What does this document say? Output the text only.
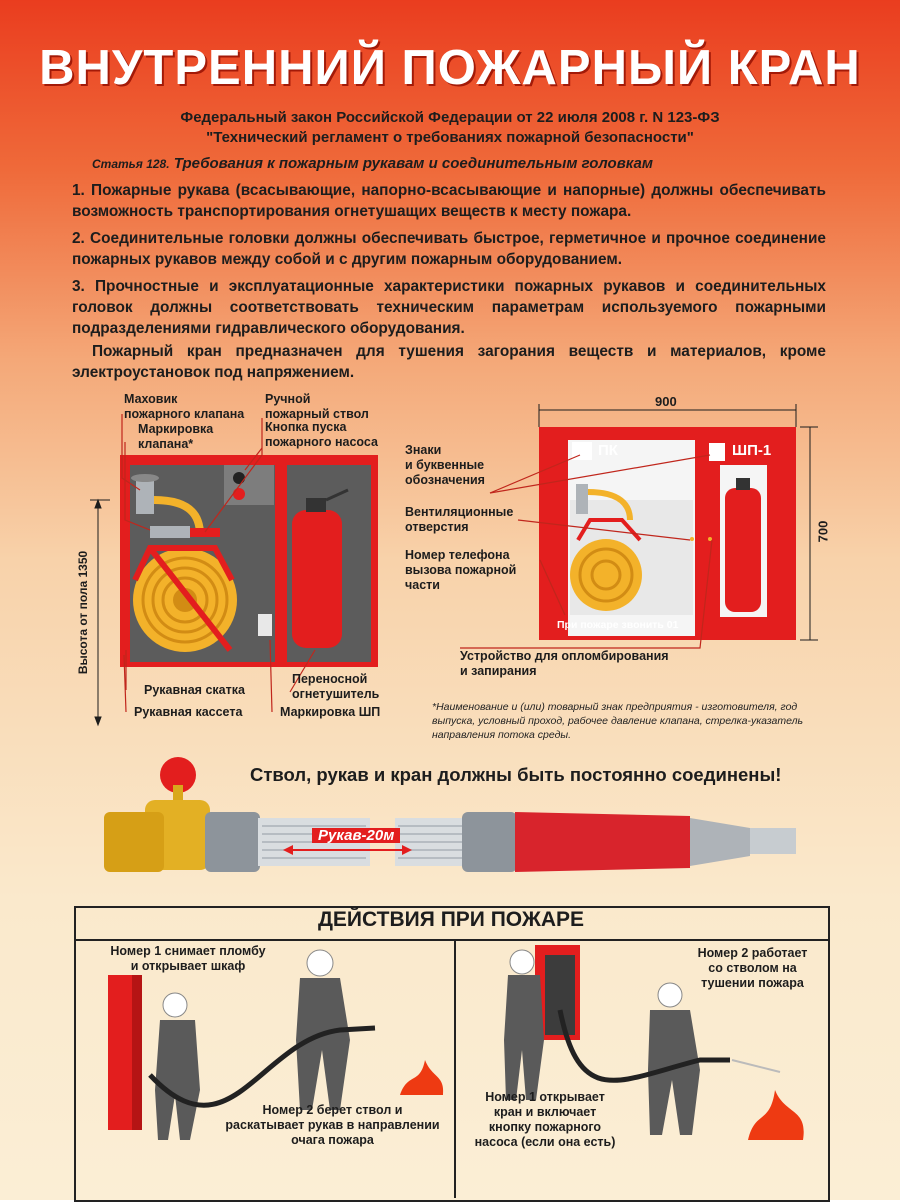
ВНУТРЕННИЙ ПОЖАРНЫЙ КРАН
Федеральный закон Российской Федерации от 22 июля 2008 г. N 123-ФЗ
"Технический регламент о требованиях пожарной безопасности"
Статья 128. Требования к пожарным рукавам и соединительным головкам
1. Пожарные рукава (всасывающие, напорно-всасывающие и напорные) должны обеспечивать возможность транспортирования огнетушащих веществ к месту пожара.
2. Соединительные головки должны обеспечивать быстрое, герметичное и прочное соединение пожарных рукавов между собой и с другим пожарным оборудованием.
3. Прочностные и эксплуатационные характеристики пожарных рукавов и соединительных головок должны соответствовать техническим параметрам используемого пожарными подразделениями гидравлического оборудования.
Пожарный кран предназначен для тушения загорания веществ и материалов, кроме электроустановок под напряжением.
Маховик
пожарного клапана
Маркировка
клапана*
Ручной
пожарный ствол
Кнопка пуска
пожарного насоса
Высота от пола 1350
Рукавная скатка
Рукавная кассета
Переносной
огнетушитель
Маркировка ШП
900
700
Знаки
и буквенные
обозначения
Вентиляционные
отверстия
Номер телефона
вызова пожарной
части
Устройство для опломбирования
и запирания
ПК	ШП-1
При пожаре звонить 01
*Наименование и (или) товарный знак предприятия - изготовителя, год выпуска, условный проход, рабочее давление клапана, стрелка-указатель направления потока среды.
Ствол, рукав и кран должны быть постоянно соединены!
Рукав-20м
ДЕЙСТВИЯ ПРИ ПОЖАРЕ
Номер 1 снимает пломбу
и открывает шкаф
Номер 2 берет ствол и
раскатывает рукав в направлении
очага пожара
Номер 2 работает
со стволом на
тушении пожара
Номер 1 открывает
кран и включает
кнопку пожарного
насоса (если она есть)
